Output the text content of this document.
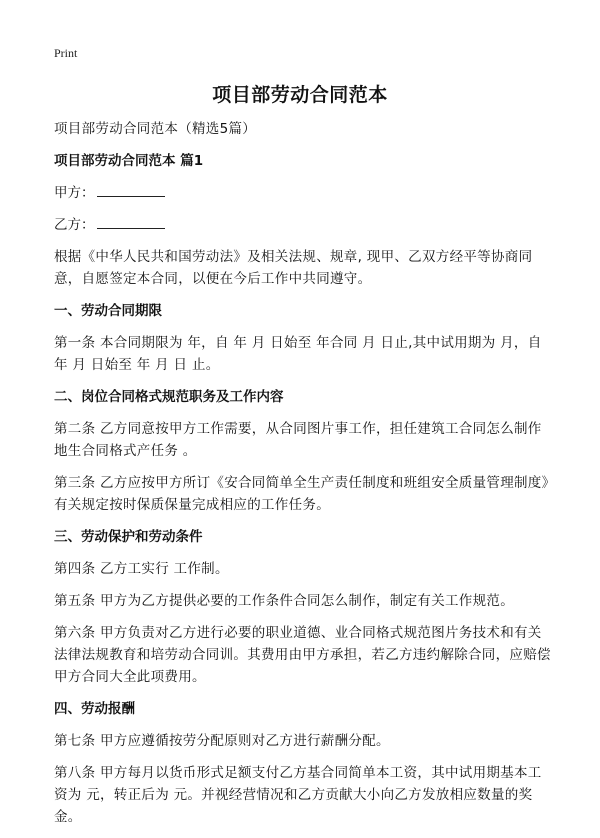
Print
项目部劳动合同范本

项目部劳动合同范本（精选5篇）

项目部劳动合同范本 篇1

甲方：
乙方：

根据《中华人民共和国劳动法》及相关法规、规章, 现甲、乙双方经平等协商同意，自愿签定本合同，以便在今后工作中共同遵守。

一、劳动合同期限

第一条 本合同期限为 年，自 年 月 日始至 年合同 月 日止,其中试用期为 月，自 年 月 日始至 年 月 日 止。

二、岗位合同格式规范职务及工作内容

第二条 乙方同意按甲方工作需要，从合同图片事工作，担任建筑工合同怎么制作地生合同格式产任务 。

第三条 乙方应按甲方所订《安合同简单全生产责任制度和班组安全质量管理制度》有关规定按时保质保量完成相应的工作任务。

三、劳动保护和劳动条件

第四条 乙方工实行 工作制。

第五条 甲方为乙方提供必要的工作条件合同怎么制作，制定有关工作规范。

第六条 甲方负责对乙方进行必要的职业道德、业合同格式规范图片务技术和有关法律法规教育和培劳动合同训。其费用由甲方承担，若乙方违约解除合同，应赔偿甲方合同大全此项费用。

四、劳动报酬

第七条 甲方应遵循按劳分配原则对乙方进行薪酬分配。

第八条 甲方每月以货币形式足额支付乙方基合同简单本工资，其中试用期基本工资为 元，转正后为 元。并视经营情况和乙方贡献大小向乙方发放相应数量的奖金。
